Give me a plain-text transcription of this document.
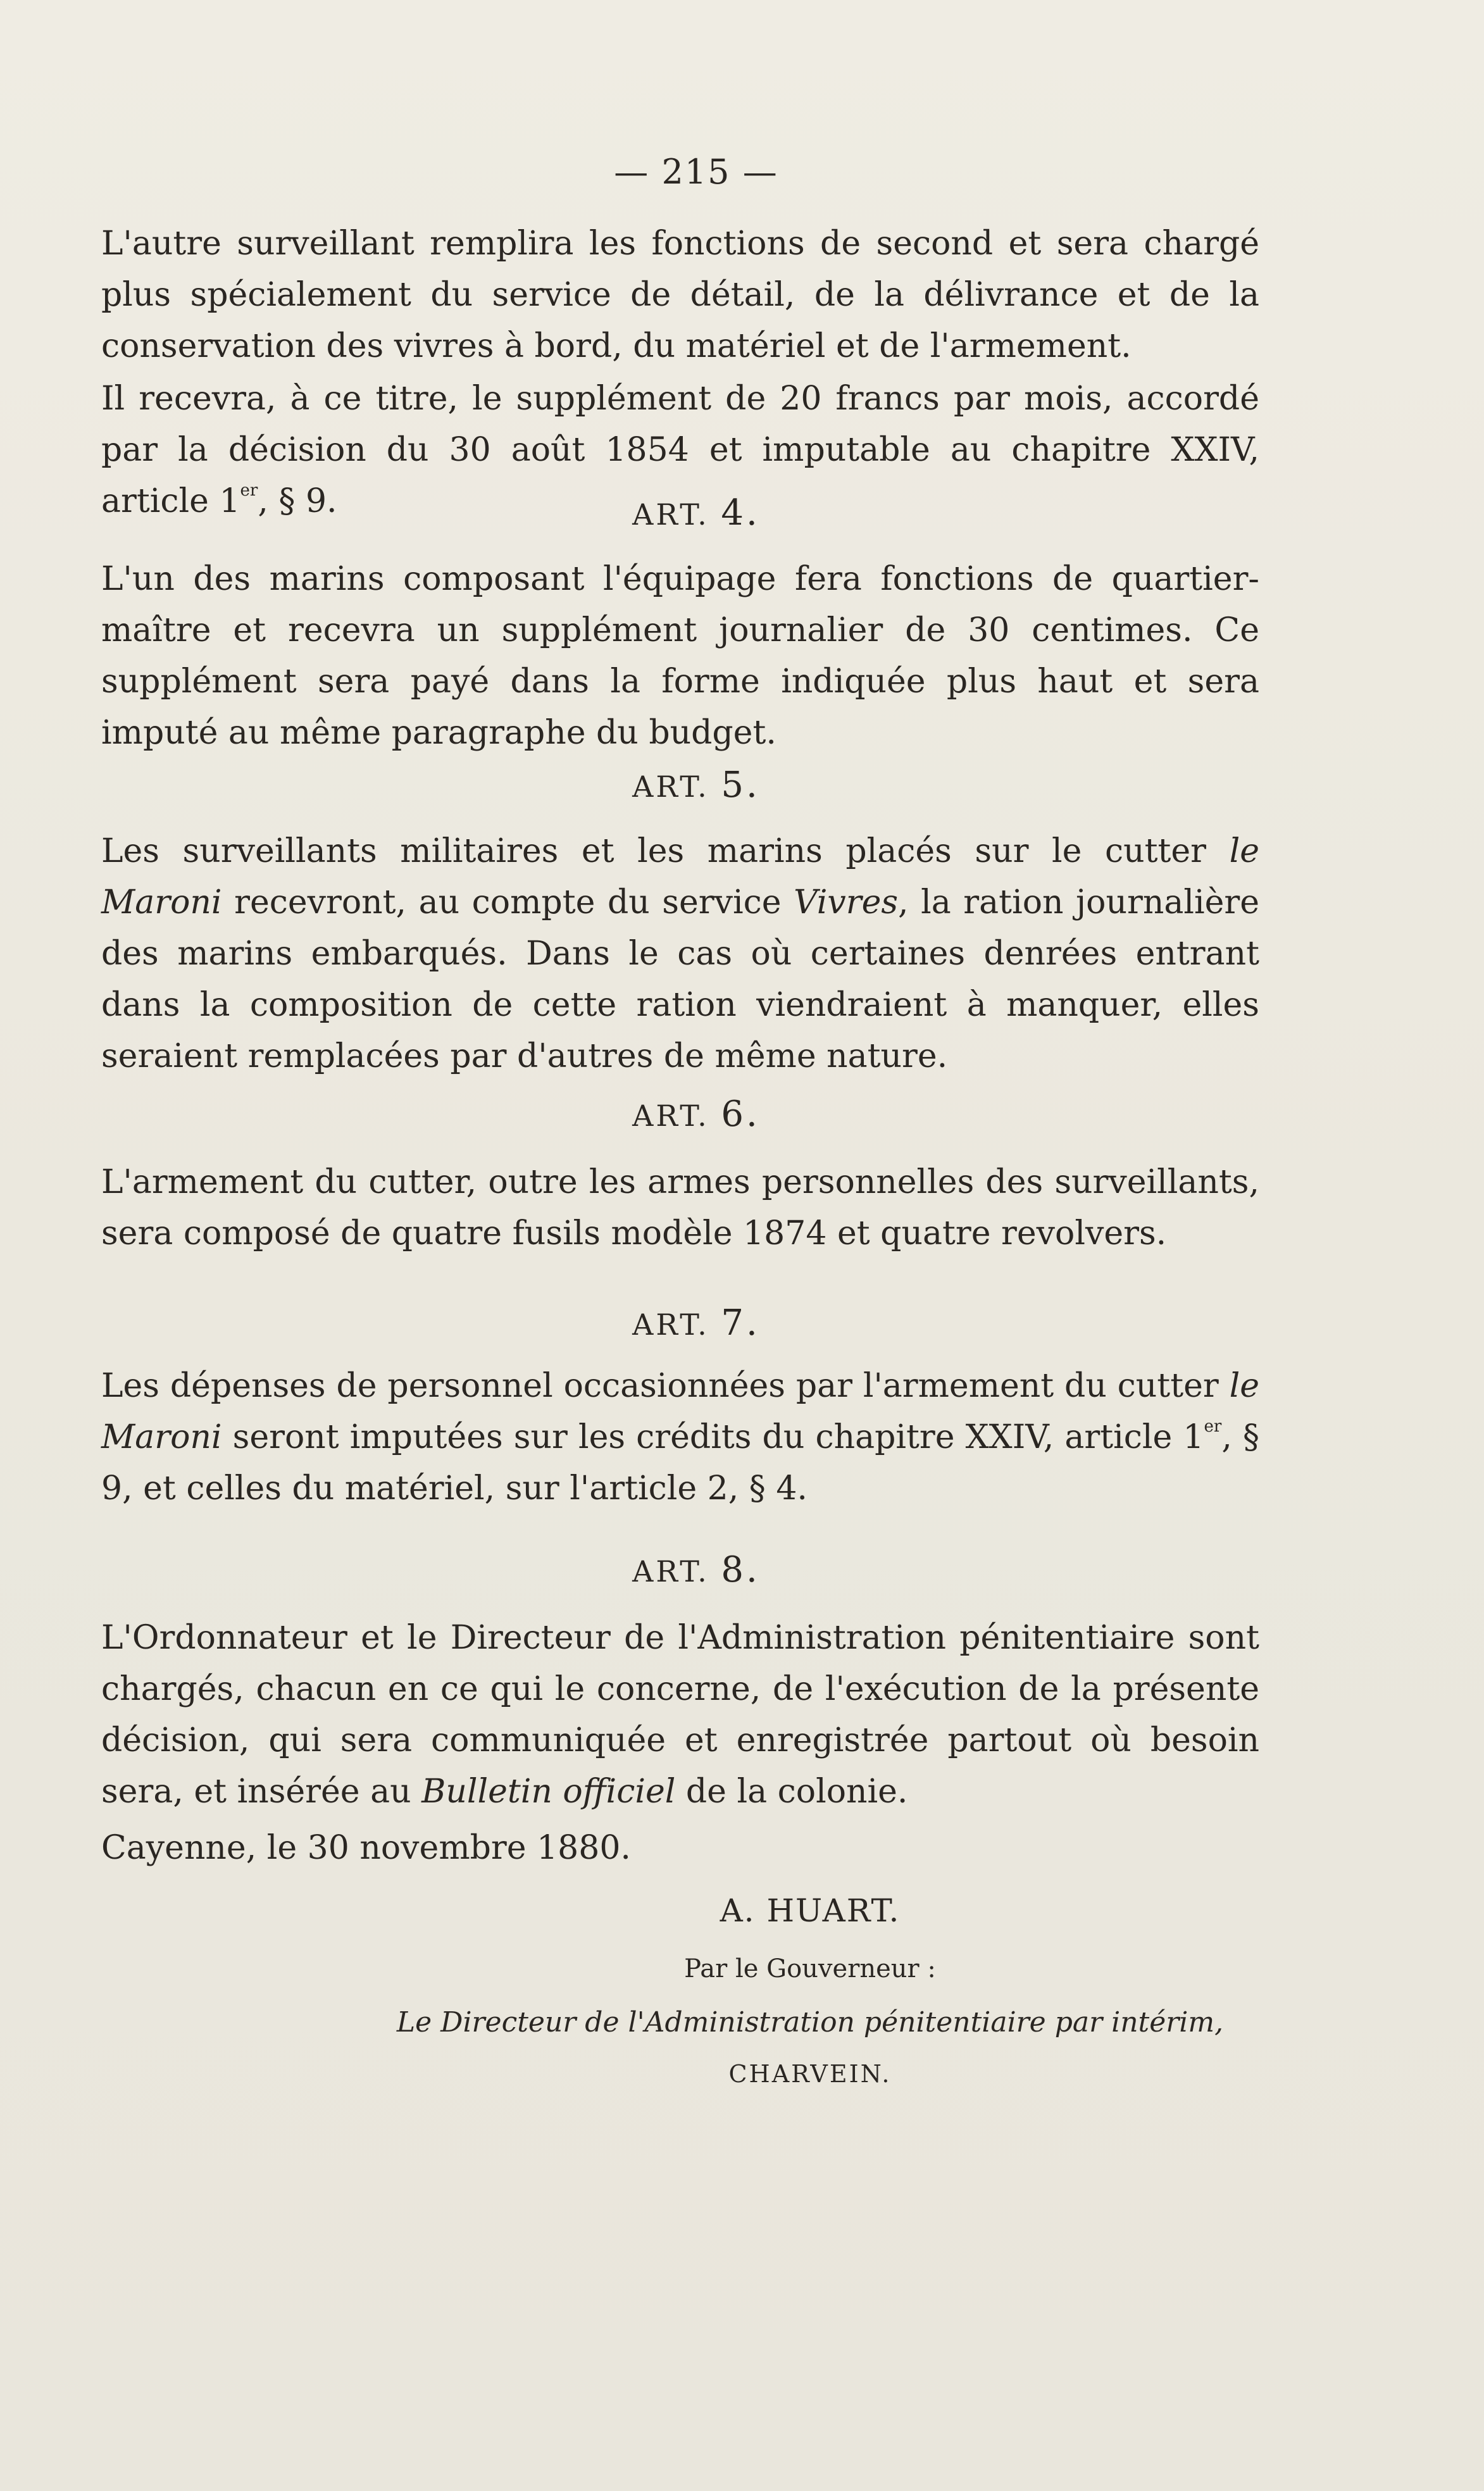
— 215 —

L'autre surveillant remplira les fonctions de second et sera chargé plus spécialement du service de détail, de la délivrance et de la conservation des vivres à bord, du matériel et de l'armement.

Il recevra, à ce titre, le supplément de 20 francs par mois, accordé par la décision du 30 août 1854 et imputable au chapitre XXIV, article 1er, § 9.	ART. 4.

L'un des marins composant l'équipage fera fonctions de quartier-maître et recevra un supplément journalier de 30 centimes. Ce supplément sera payé dans la forme indiquée plus haut et sera imputé au même paragraphe du budget.

ART. 5.

Les surveillants militaires et les marins placés sur le cutter le Maroni recevront, au compte du service Vivres, la ration journalière des marins embarqués. Dans le cas où certaines denrées entrant dans la composition de cette ration viendraient à manquer, elles seraient remplacées par d'autres de même nature.

ART. 6.

L'armement du cutter, outre les armes personnelles des surveillants, sera composé de quatre fusils modèle 1874 et quatre revolvers.

ART. 7.

Les dépenses de personnel occasionnées par l'armement du cutter le Maroni seront imputées sur les crédits du chapitre XXIV, article 1er, § 9, et celles du matériel, sur l'article 2, § 4.

ART. 8.

L'Ordonnateur et le Directeur de l'Administration pénitentiaire sont chargés, chacun en ce qui le concerne, de l'exécution de la présente décision, qui sera communiquée et enregistrée partout où besoin sera, et insérée au Bulletin officiel de la colonie.

Cayenne, le 30 novembre 1880.

A. HUART.
Par le Gouverneur :
Le Directeur de l'Administration pénitentiaire par intérim,
CHARVEIN.
